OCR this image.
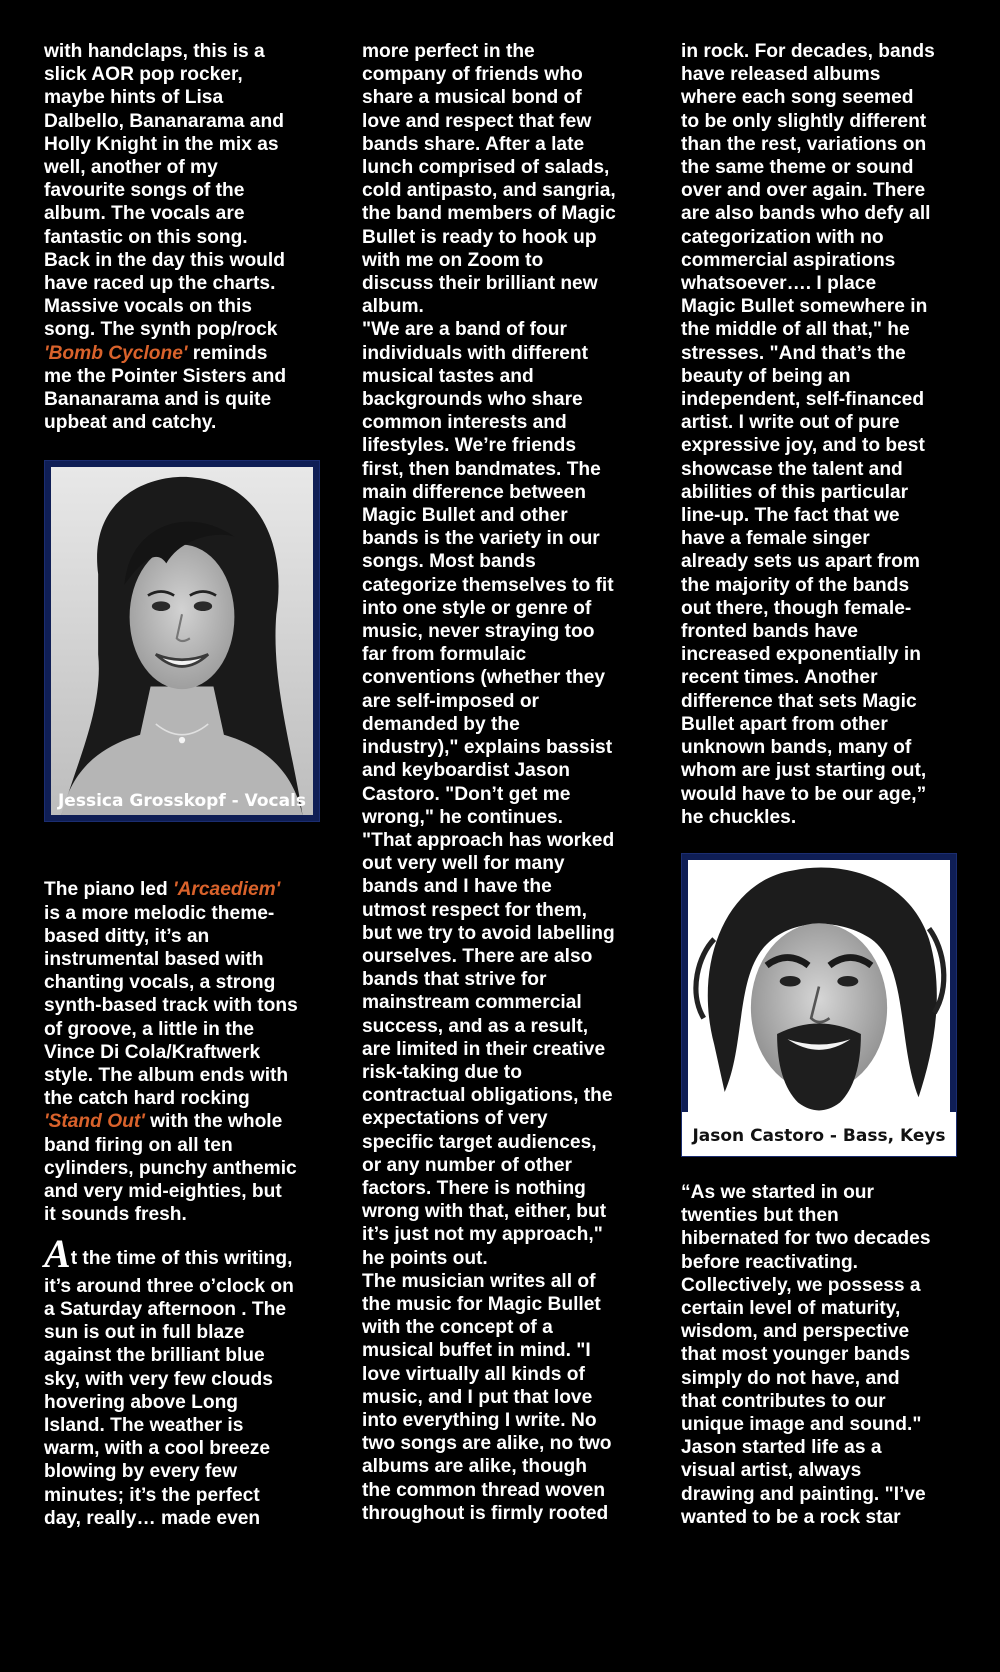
with handclaps, this is a
slick AOR pop rocker,
maybe hints of Lisa
Dalbello, Bananarama and
Holly Knight in the mix as
well, another of my
favourite songs of the
album. The vocals are
fantastic on this song.
Back in the day this would
have raced up the charts.
Massive vocals on this
song. The synth pop/rock
'Bomb Cyclone' reminds
me the Pointer Sisters and
Bananarama and is quite
upbeat and catchy.

Jessica Grosskopf - Vocals

The piano led 'Arcaediem'
is a more melodic theme-
based ditty, it’s an
instrumental based with
chanting vocals, a strong
synth-based track with tons
of groove, a little in the
Vince Di Cola/Kraftwerk
style. The album ends with
the catch hard rocking
'Stand Out' with the whole
band firing on all ten
cylinders, punchy anthemic
and very mid-eighties, but
it sounds fresh.

At the time of this writing,

it’s around three o’clock on
a Saturday afternoon . The
sun is out in full blaze
against the brilliant blue
sky, with very few clouds
hovering above Long
Island. The weather is
warm, with a cool breeze
blowing by every few
minutes; it’s the perfect
day, really… made even

more perfect in the
company of friends who
share a musical bond of
love and respect that few
bands share. After a late
lunch comprised of salads,
cold antipasto, and sangria,
the band members of Magic
Bullet is ready to hook up
with me on Zoom to
discuss their brilliant new
album.
"We are a band of four
individuals with different
musical tastes and
backgrounds who share
common interests and
lifestyles. We’re friends
first, then bandmates. The
main difference between
Magic Bullet and other
bands is the variety in our
songs. Most bands
categorize themselves to fit
into one style or genre of
music, never straying too
far from formulaic
conventions (whether they
are self-imposed or
demanded by the
industry)," explains bassist
and keyboardist Jason
Castoro. "Don’t get me
wrong," he continues.
"That approach has worked
out very well for many
bands and I have the
utmost respect for them,
but we try to avoid labelling
ourselves. There are also
bands that strive for
mainstream commercial
success, and as a result,
are limited in their creative
risk-taking due to
contractual obligations, the
expectations of very
specific target audiences,
or any number of other
factors. There is nothing
wrong with that, either, but
it’s just not my approach,"
he points out.
The musician writes all of
the music for Magic Bullet
with the concept of a
musical buffet in mind. "I
love virtually all kinds of
music, and I put that love
into everything I write. No
two songs are alike, no two
albums are alike, though
the common thread woven
throughout is firmly rooted

in rock. For decades, bands
have released albums
where each song seemed
to be only slightly different
than the rest, variations on
the same theme or sound
over and over again. There
are also bands who defy all
categorization with no
commercial aspirations
whatsoever…. I place
Magic Bullet somewhere in
the middle of all that," he
stresses. "And that’s the
beauty of being an
independent, self-financed
artist. I write out of pure
expressive joy, and to best
showcase the talent and
abilities of this particular
line-up. The fact that we
have a female singer
already sets us apart from
the majority of the bands
out there, though female-
fronted bands have
increased exponentially in
recent times. Another
difference that sets Magic
Bullet apart from other
unknown bands, many of
whom are just starting out,
would have to be our age,”
he chuckles.

Jason Castoro - Bass, Keys

“As we started in our
twenties but then
hibernated for two decades
before reactivating.
Collectively, we possess a
certain level of maturity,
wisdom, and perspective
that most younger bands
simply do not have, and
that contributes to our
unique image and sound."
Jason started life as a
visual artist, always
drawing and painting. "I’ve
wanted to be a rock star
